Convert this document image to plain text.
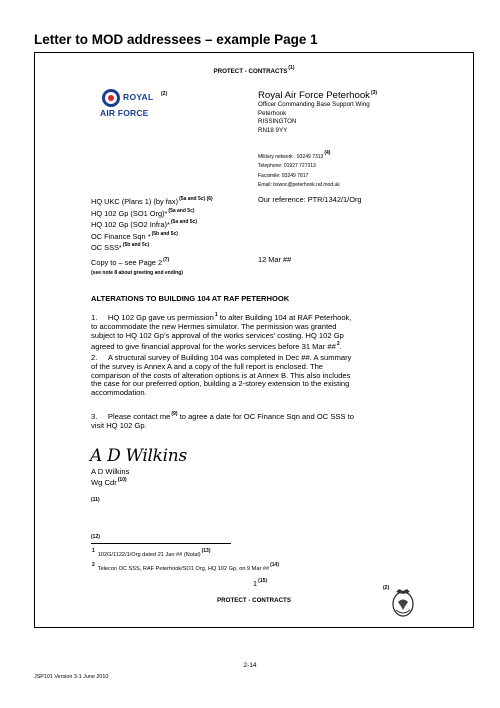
Letter to MOD addressees – example Page 1
PROTECT - CONTRACTS$^{(1)}$
ROYAL
AIR FORCE
(2)	Royal Air Force Peterhook$^{(3)}$
Officer Commanding Base Support Wing
Peterhook
RISSINGTON
RN18 9YY
Military network : 93249 7313$^{(4)}$
Telephone: 01927 727313
Facsimile: 93249 7817
Email: bswoc@peterhook.raf.mod.uk
HQ UKC (Plans 1) (by fax)$^{(5a and 5c) (6)}$
HQ 102 Gp (SO1 Org)*$^{(5a and 5c)}$
HQ 102 Gp (SO2 Infra)*$^{(5a and 5c)}$
OC Finance Sqn *$^{(5b and 5c)}$
OC SSS*$^{(5b and 5c)}$
Our reference: PTR/1342/1/Org
Copy to – see Page 2$^{(7)}$	12 Mar ##
(see note 8 about greeting and ending)
ALTERATIONS TO BUILDING 104 AT RAF PETERHOOK
1. HQ 102 Gp gave us permission$^1$ to alter Building 104 at RAF Peterhook,
to accommodate the new Hermes simulator. The permission was granted
subject to HQ 102 Gp’s approval of the works services’ costing. HQ 102 Gp
agreed to give financial approval for the works services before 31 Mar ##$^2$.
2. A structural survey of Building 104 was completed in Dec ##. A summary
of the survey is Annex A and a copy of the full report is enclosed. The
comparison of the costs of alteration options is at Annex B. This also includes
the case for our preferred option, building a 2-storey extension to the existing
accommodation.
3. Please contact $me^{(9)}$ to agree a date for OC Finance Sqn and OC SSS to
visit HQ 102 Gp.
A D Wilkins
A D Wilkins
Wg Cdr$^{(10)}$
(11)
(12)
$^1$102G/1122/1/Org dated 21 Jan ## (Notal)$^{(13)}$
$^2$Telecon OC SSS, RAF Peterhook/SO1 Org, HQ 102 Gp, on 9 Mar ##$^{(14)}$
1$^{(15)}$
(2)
PROTECT - CONTRACTS
2-14
JSP101 Version 3-1 June 2010
